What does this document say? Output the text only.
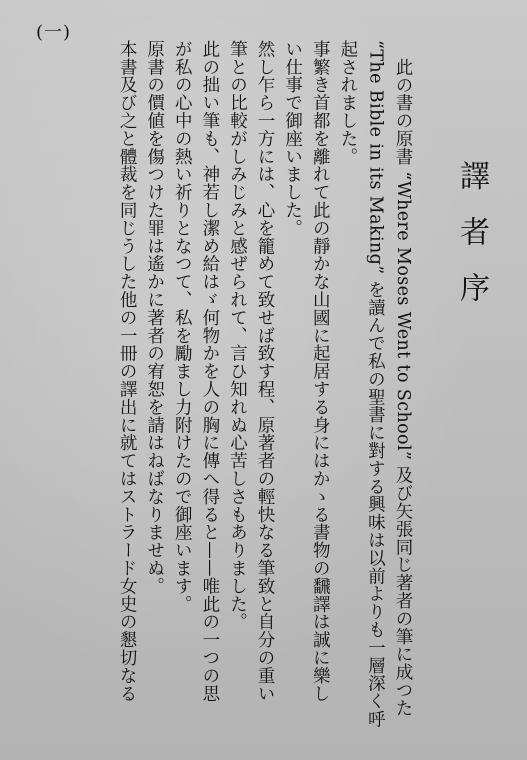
(一)
譯者序
此の書の原書 “Where Moses Went to School” 及び矢張同じ著者の筆に成つた
“The Bible in its Making” を讀んで私の聖書に對する興味は以前よりも一層深く呼
起されました。
事繁き首都を離れて此の靜かな山國に起居する身にはかゝる書物の飜譯は誠に樂し
い仕事で御座いました。
然し乍ら一方には、心を籠めて致せば致す程、原著者の輕快なる筆致と自分の重い
筆との比較がしみじみと感ぜられて、言ひ知れぬ心苦しさもありました。
此の拙い筆も、神若し潔め給はゞ何物かを人の胸に傳へ得ると——唯此の一つの思
が私の心中の熱い祈りとなつて、私を勵まし力附けたので御座います。
原書の價値を傷つけた罪は遙かに著者の宥恕を請はねばなりませぬ。
本書及び之と體裁を同じうした他の一冊の譯出に就てはストラード女史の懇切なる
